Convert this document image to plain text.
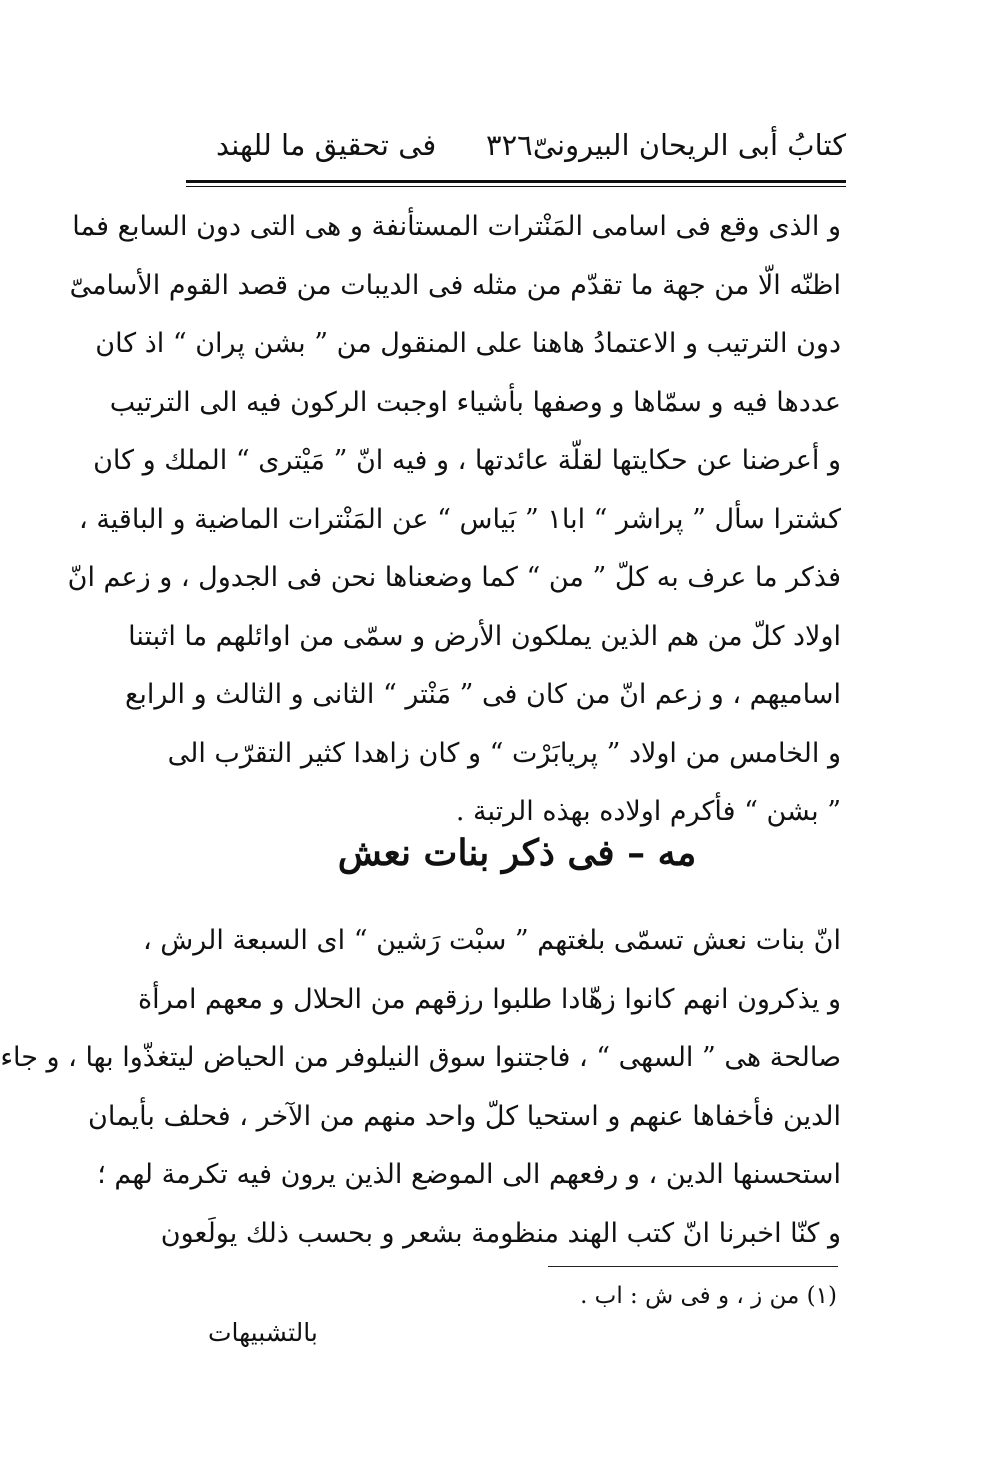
كتابُ أبى الريحان البيرونىّ
٣٢٦
فى تحقيق ما للهند
و الذى وقع فى اسامى المَنْترات المستأنفة و هى التى دون السابع فما
اظنّه الّا من جهة ما تقدّم من مثله فى الديبات من قصد القوم الأسامىّ
دون الترتيب و الاعتمادُ هاهنا على المنقول من ” بشن پران “ اذ كان
عددها فيه و سمّاها و وصفها بأشياء اوجبت الركون فيه الى الترتيب
و أعرضنا عن حكايتها لقلّة عائدتها ، و فيه انّ ” مَيْترى “ الملك و كان
كشترا سأل ” پراشر “ ابا١ ” بَياس “ عن المَنْترات الماضية و الباقية ،
فذكر ما عرف به كلّ ” من “ كما وضعناها نحن فى الجدول ، و زعم انّ
اولاد كلّ من هم الذين يملكون الأرض و سمّى من اوائلهم ما اثبتنا
اساميهم ، و زعم انّ من كان فى ” مَنْتر “ الثانى و الثالث و الرابع
و الخامس من اولاد ” پريابَرْت “ و كان زاهدا كثير التقرّب الى
” بشن “ فأكرم اولاده بهذه الرتبة .
مه – فى ذكر بنات نعش
انّ بنات نعش تسمّى بلغتهم ” سبْت رَشين “ اى السبعة الرش ،
و يذكرون انهم كانوا زهّادا طلبوا رزقهم من الحلال و معهم امرأة
صالحة هى ” السهى “ ، فاجتنوا سوق النيلوفر من الحياض ليتغذّوا بها ، و جاء
الدين فأخفاها عنهم و استحيا كلّ واحد منهم من الآخر ، فحلف بأيمان
استحسنها الدين ، و رفعهم الى الموضع الذين يرون فيه تكرمة لهم ؛
و كنّا اخبرنا انّ كتب الهند منظومة بشعر و بحسب ذلك يولَعون
(١) من ز ، و فى ش : اب .
بالتشبيهات
